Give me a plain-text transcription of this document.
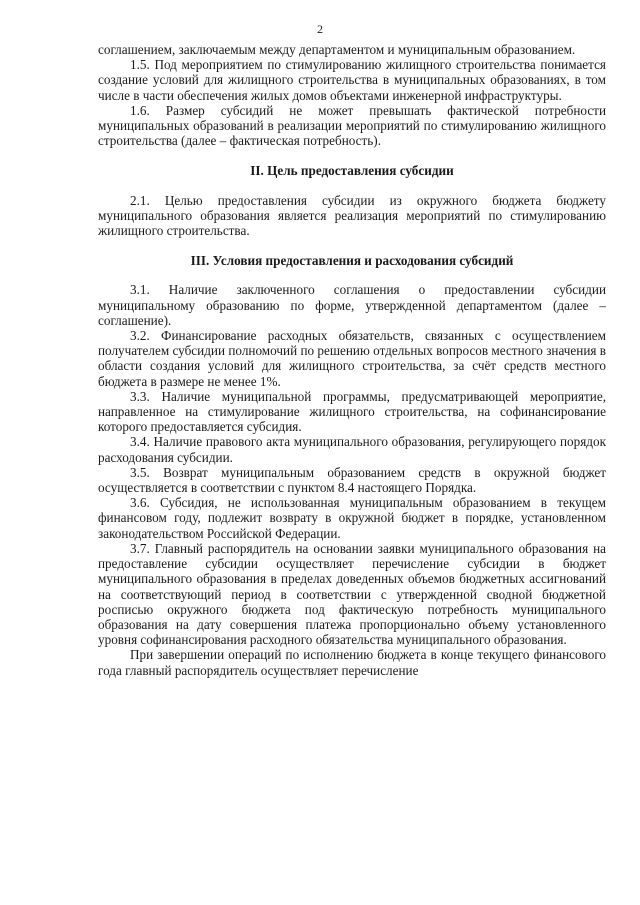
2

соглашением, заключаемым между департаментом и муниципальным образованием.

1.5. Под мероприятием по стимулированию жилищного строительства понимается создание условий для жилищного строительства в муниципальных образованиях, в том числе в части обеспечения жилых домов объектами инженерной инфраструктуры.

1.6. Размер субсидий не может превышать фактической потребности муниципальных образований в реализации мероприятий по стимулированию жилищного строительства (далее – фактическая потребность).

II. Цель предоставления субсидии

2.1. Целью предоставления субсидии из окружного бюджета бюджету муниципального образования является реализация мероприятий по стимулированию жилищного строительства.

III. Условия предоставления и расходования субсидий

3.1. Наличие заключенного соглашения о предоставлении субсидии муниципальному образованию по форме, утвержденной департаментом (далее – соглашение).

3.2. Финансирование расходных обязательств, связанных с осуществлением получателем субсидии полномочий по решению отдельных вопросов местного значения в области создания условий для жилищного строительства, за счёт средств местного бюджета в размере не менее 1%.

3.3. Наличие муниципальной программы, предусматривающей мероприятие, направленное на стимулирование жилищного строительства, на софинансирование которого предоставляется субсидия.

3.4. Наличие правового акта муниципального образования, регулирующего порядок расходования субсидии.

3.5. Возврат муниципальным образованием средств в окружной бюджет осуществляется в соответствии с пунктом 8.4 настоящего Порядка.

3.6. Субсидия, не использованная муниципальным образованием в текущем финансовом году, подлежит возврату в окружной бюджет в порядке, установленном законодательством Российской Федерации.

3.7. Главный распорядитель на основании заявки муниципального образования на предоставление субсидии осуществляет перечисление субсидии в бюджет муниципального образования в пределах доведенных объемов бюджетных ассигнований на соответствующий период в соответствии с утвержденной сводной бюджетной росписью окружного бюджета под фактическую потребность муниципального образования на дату совершения платежа пропорционально объему установленного уровня софинансирования расходного обязательства муниципального образования.

При завершении операций по исполнению бюджета в конце текущего финансового года главный распорядитель осуществляет перечисление
